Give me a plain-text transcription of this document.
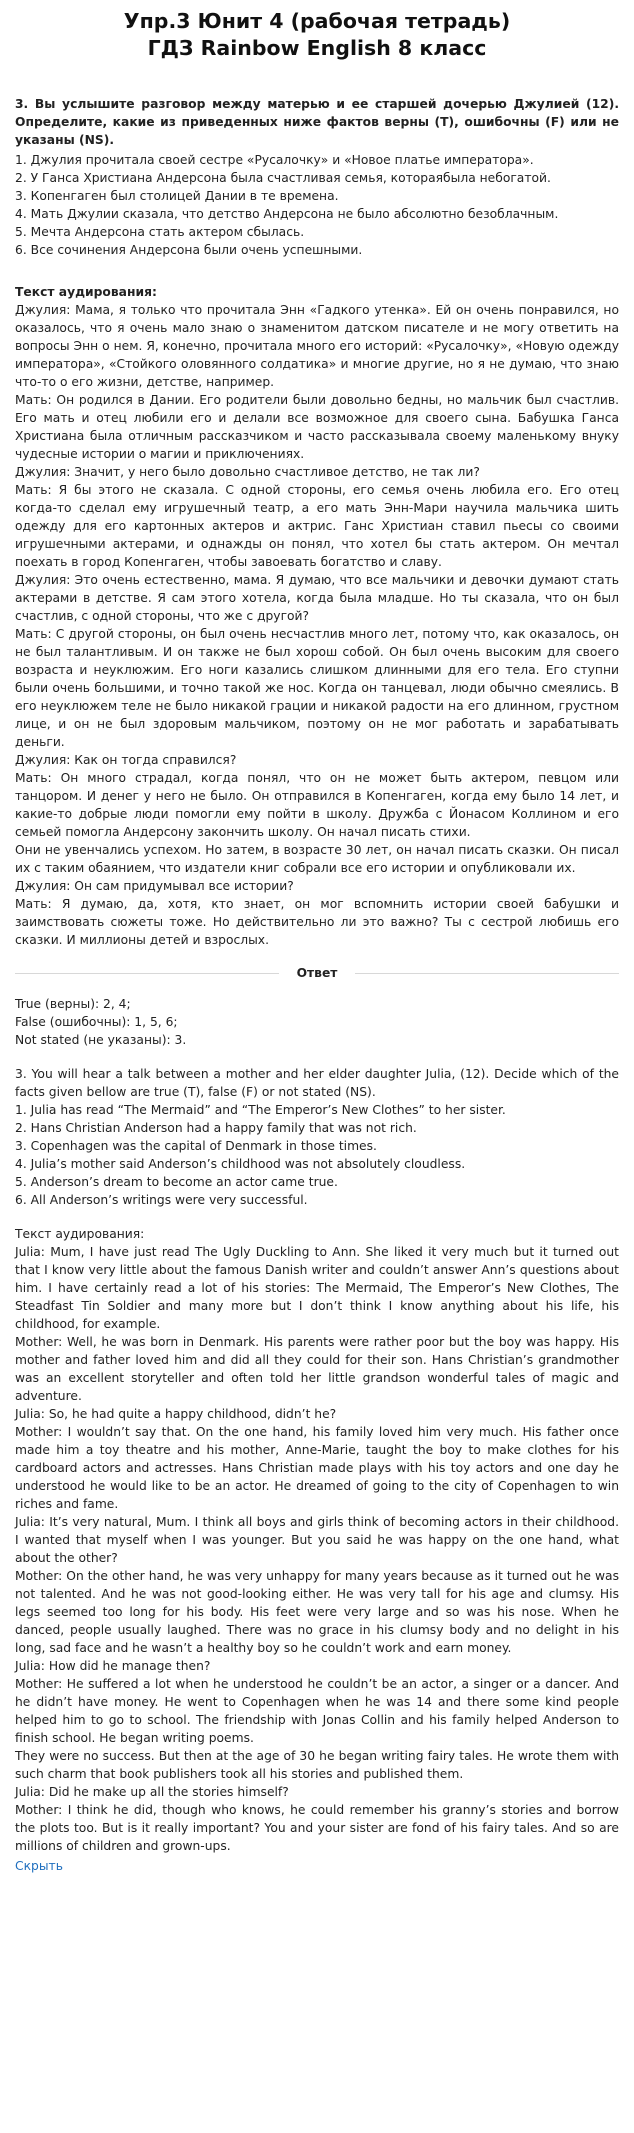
Упр.3 Юнит 4 (рабочая тетрадь)
ГДЗ Rainbow English 8 класс
3. Вы услышите разговор между матерью и ее старшей дочерью Джулией (12). Определите, какие из приведенных ниже фактов верны (T), ошибочны (F) или не указаны (NS).

1. Джулия прочитала своей сестре «Русалочку» и «Новое платье императора».

2. У Ганса Христиана Андерсона была счастливая семья, котораябыла небогатой.

3. Копенгаген был столицей Дании в те времена.

4. Мать Джулии сказала, что детство Андерсона не было абсолютно безоблачным.

5. Мечта Андерсона стать актером сбылась.

6. Все сочинения Андерсона были очень успешными.

Текст аудирования:

Джулия: Мама, я только что прочитала Энн «Гадкого утенка». Ей он очень понравился, но оказалось, что я очень мало знаю о знаменитом датском писателе и не могу ответить на вопросы Энн о нем. Я, конечно, прочитала много его историй: «Русалочку», «Новую одежду императора», «Стойкого оловянного солдатика» и многие другие, но я не думаю, что знаю что-то о его жизни, детстве, например.

Мать: Он родился в Дании. Его родители были довольно бедны, но мальчик был счастлив. Его мать и отец любили его и делали все возможное для своего сына. Бабушка Ганса Христиана была отличным рассказчиком и часто рассказывала своему маленькому внуку чудесные истории о магии и приключениях.

Джулия: Значит, у него было довольно счастливое детство, не так ли?

Мать: Я бы этого не сказала. С одной стороны, его семья очень любила его. Его отец когда-то сделал ему игрушечный театр, а его мать Энн-Мари научила мальчика шить одежду для его картонных актеров и актрис. Ганс Христиан ставил пьесы со своими игрушечными актерами, и однажды он понял, что хотел бы стать актером. Он мечтал поехать в город Копенгаген, чтобы завоевать богатство и славу.

Джулия: Это очень естественно, мама. Я думаю, что все мальчики и девочки думают стать актерами в детстве. Я сам этого хотела, когда была младше. Но ты сказала, что он был счастлив, с одной стороны, что же с другой?

Мать: С другой стороны, он был очень несчастлив много лет, потому что, как оказалось, он не был талантливым. И он также не был хорош собой. Он был очень высоким для своего возраста и неуклюжим. Его ноги казались слишком длинными для его тела. Его ступни были очень большими, и точно такой же нос. Когда он танцевал, люди обычно смеялись. В его неуклюжем теле не было никакой грации и никакой радости на его длинном, грустном лице, и он не был здоровым мальчиком, поэтому он не мог работать и зарабатывать деньги.

Джулия: Как он тогда справился?

Мать: Он много страдал, когда понял, что он не может быть актером, певцом или танцором. И денег у него не было. Он отправился в Копенгаген, когда ему было 14 лет, и какие-то добрые люди помогли ему пойти в школу. Дружба с Йонасом Коллином и его семьей помогла Андерсону закончить школу. Он начал писать стихи.

Они не увенчались успехом. Но затем, в возрасте 30 лет, он начал писать сказки. Он писал их с таким обаянием, что издатели книг собрали все его истории и опубликовали их.

Джулия: Он сам придумывал все истории?

Мать: Я думаю, да, хотя, кто знает, он мог вспомнить истории своей бабушки и заимствовать сюжеты тоже. Но действительно ли это важно? Ты с сестрой любишь его сказки. И миллионы детей и взрослых.

Ответ

True (верны): 2, 4;

False (ошибочны): 1, 5, 6;

Not stated (не указаны): 3.

3. You will hear a talk between a mother and her elder daughter Julia, (12). Decide which of the facts given bellow are true (T), false (F) or not stated (NS).

1. Julia has read “The Mermaid” and “The Emperor’s New Clothes” to her sister.

2. Hans Christian Anderson had a happy family that was not rich.

3. Copenhagen was the capital of Denmark in those times.

4. Julia’s mother said Anderson’s childhood was not absolutely cloudless.

5. Anderson’s dream to become an actor came true.

6. All Anderson’s writings were very successful.

Текст аудирования:

Julia: Mum, I have just read The Ugly Duckling to Ann. She liked it very much but it turned out that I know very little about the famous Danish writer and couldn’t answer Ann’s questions about him. I have certainly read a lot of his stories: The Mermaid, The Emperor’s New Clothes, The Steadfast Tin Soldier and many more but I don’t think I know anything about his life, his childhood, for example.

Mother: Well, he was born in Denmark. His parents were rather poor but the boy was happy. His mother and father loved him and did all they could for their son. Hans Christian’s grandmother was an excellent storyteller and often told her little grandson wonderful tales of magic and adventure.

Julia: So, he had quite a happy childhood, didn’t he?

Mother: I wouldn’t say that. On the one hand, his family loved him very much. His father once made him a toy theatre and his mother, Anne-Marie, taught the boy to make clothes for his cardboard actors and actresses. Hans Christian made plays with his toy actors and one day he understood he would like to be an actor. He dreamed of going to the city of Copenhagen to win riches and fame.

Julia: It’s very natural, Mum. I think all boys and girls think of becoming actors in their childhood. I wanted that myself when I was younger. But you said he was happy on the one hand, what about the other?

Mother: On the other hand, he was very unhappy for many years because as it turned out he was not talented. And he was not good-looking either. He was very tall for his age and clumsy. His legs seemed too long for his body. His feet were very large and so was his nose. When he danced, people usually laughed. There was no grace in his clumsy body and no delight in his long, sad face and he wasn’t a healthy boy so he couldn’t work and earn money.

Julia: How did he manage then?

Mother: He suffered a lot when he understood he couldn’t be an actor, a singer or a dancer. And he didn’t have money. He went to Copenhagen when he was 14 and there some kind people helped him to go to school. The friendship with Jonas Collin and his family helped Anderson to finish school. He began writing poems.

They were no success. But then at the age of 30 he began writing fairy tales. He wrote them with such charm that book publishers took all his stories and published them.

Julia: Did he make up all the stories himself?

Mother: I think he did, though who knows, he could remember his granny’s stories and borrow the plots too. But is it really important? You and your sister are fond of his fairy tales. And so are millions of children and grown-ups.

Скрыть
